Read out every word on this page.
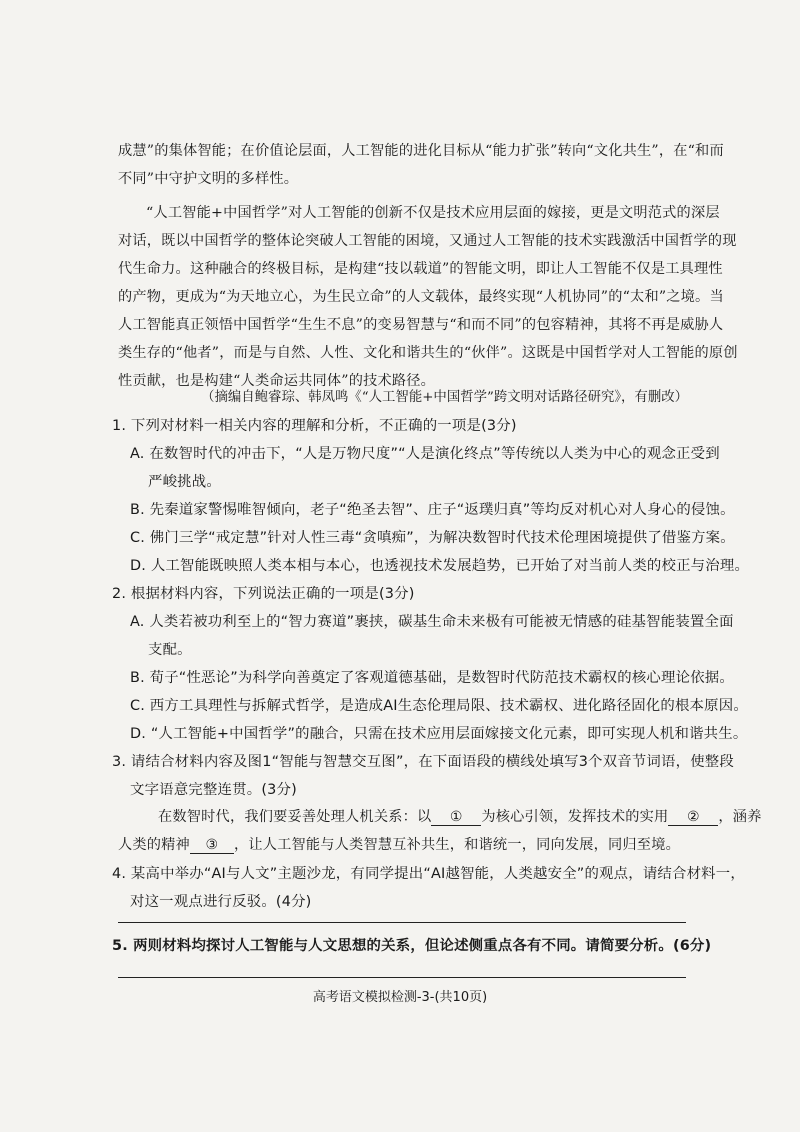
成慧”的集体智能；在价值论层面，人工智能的进化目标从“能力扩张”转向“文化共生”，在“和而
不同”中守护文明的多样性。
“人工智能+中国哲学”对人工智能的创新不仅是技术应用层面的嫁接，更是文明范式的深层
对话，既以中国哲学的整体论突破人工智能的困境，又通过人工智能的技术实践激活中国哲学的现
代生命力。这种融合的终极目标，是构建“技以载道”的智能文明，即让人工智能不仅是工具理性
的产物，更成为“为天地立心，为生民立命”的人文载体，最终实现“人机协同”的“太和”之境。当
人工智能真正领悟中国哲学“生生不息”的变易智慧与“和而不同”的包容精神，其将不再是威胁人
类生存的“他者”，而是与自然、人性、文化和谐共生的“伙伴”。这既是中国哲学对人工智能的原创
性贡献，也是构建“人类命运共同体”的技术路径。
（摘编自鲍睿琮、韩凤鸣《“人工智能+中国哲学”跨文明对话路径研究》，有删改）
1. 下列对材料一相关内容的理解和分析，不正确的一项是(3分)
A. 在数智时代的冲击下，“人是万物尺度”“人是演化终点”等传统以人类为中心的观念正受到
严峻挑战。
B. 先秦道家警惕唯智倾向，老子“绝圣去智”、庄子“返璞归真”等均反对机心对人身心的侵蚀。
C. 佛门三学“戒定慧”针对人性三毒“贪嗔痴”，为解决数智时代技术伦理困境提供了借鉴方案。
D. 人工智能既映照人类本相与本心，也透视技术发展趋势，已开始了对当前人类的校正与治理。
2. 根据材料内容，下列说法正确的一项是(3分)
A. 人类若被功利至上的“智力赛道”裹挟，碳基生命未来极有可能被无情感的硅基智能装置全面
支配。
B. 荀子“性恶论”为科学向善奠定了客观道德基础，是数智时代防范技术霸权的核心理论依据。
C. 西方工具理性与拆解式哲学，是造成AI生态伦理局限、技术霸权、进化路径固化的根本原因。
D. “人工智能+中国哲学”的融合，只需在技术应用层面嫁接文化元素，即可实现人机和谐共生。
3. 请结合材料内容及图1“智能与智慧交互图”，在下面语段的横线处填写3个双音节词语，使整段
文字语意完整连贯。(3分)
在数智时代，我们要妥善处理人机关系：以 ① 为核心引领，发挥技术的实用 ② ，涵养
人类的精神 ③ ，让人工智能与人类智慧互补共生，和谐统一，同向发展，同归至境。
4. 某高中举办“AI与人文”主题沙龙，有同学提出“AI越智能，人类越安全”的观点，请结合材料一，
对这一观点进行反驳。(4分)
5. 两则材料均探讨人工智能与人文思想的关系，但论述侧重点各有不同。请简要分析。(6分)
高考语文模拟检测-3-(共10页)
